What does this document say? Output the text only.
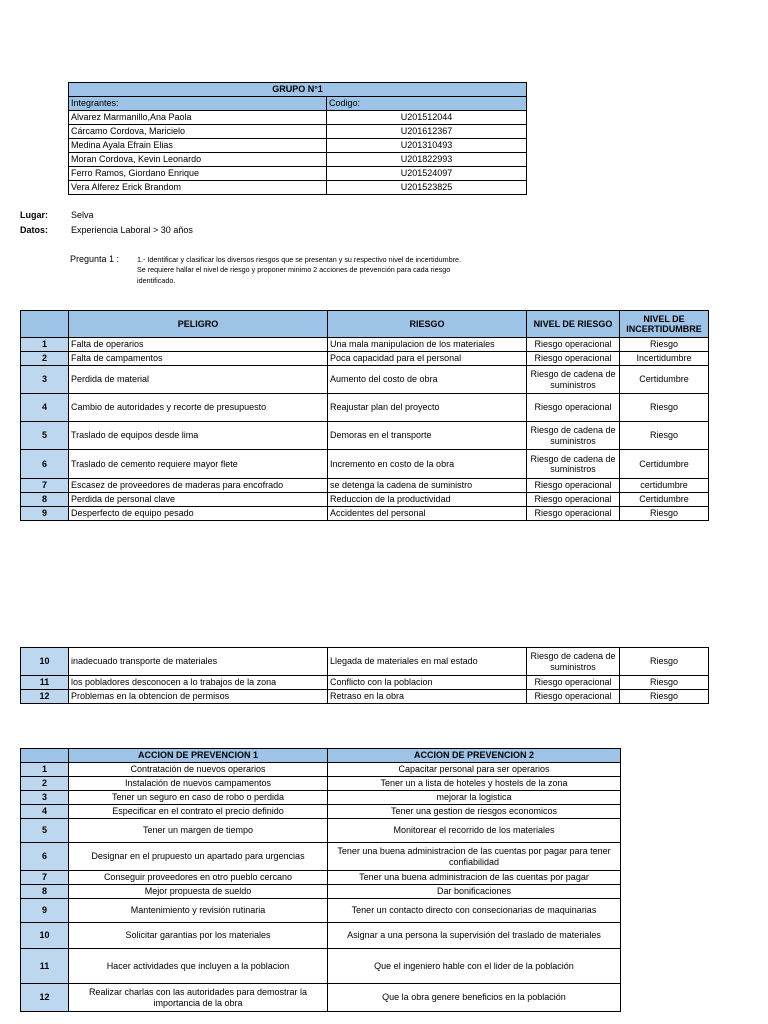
GRUPO N°1	
Integrantes:	Codigo:
Alvarez Marmanillo,Ana Paola	U201512044
Cárcamo Cordova, Maricielo	U201612367
Medina Ayala Efrain Elias	U201310493
Moran Cordova, Kevin Leonardo	U201822993
Ferro Ramos, Giordano Enrique	U201524097
Vera Alferez Erick Brandom	U201523825
Lugar:	Selva
Datos:	Experiencia Laboral > 30 años
Pregunta 1 : 1.- Identificar y clasificar los diversos riesgos que se presentan y su respectivo nivel de incertidumbre. Se requiere hallar el nivel de riesgo y proponer minimo 2 acciones de prevención para cada riesgo identificado.
	PELIGRO	RIESGO	NIVEL DE RIESGO	NIVEL DE INCERTIDUMBRE
1	Falta de operarios	Una mala manipulacion de los materiales	Riesgo operacional	Riesgo
2	Falta de campamentos	Poca capacidad para el personal	Riesgo operacional	Incertidumbre
3	Perdida de material	Aumento del costo de obra	Riesgo de cadena de suministros	Certidumbre
4	Cambio de autoridades y recorte de presupuesto	Reajustar plan del proyecto	Riesgo operacional	Riesgo
5	Traslado de equipos desde lima	Demoras en el transporte	Riesgo de cadena de suministros	Riesgo
6	Traslado de cemento requiere mayor flete	Incremento en costo de la obra	Riesgo de cadena de suministros	Certidumbre
7	Escasez de proveedores de maderas para encofrado	se detenga la cadena de suministro	Riesgo operacional	certidumbre
8	Perdida de personal clave	Reduccion de la productividad	Riesgo operacional	Certidumbre
9	Desperfecto de equipo pesado	Accidentes del personal	Riesgo operacional	Riesgo
10	inadecuado transporte de materiales	Llegada de materiales en mal estado	Riesgo de cadena de suministros	Riesgo
11	los pobladores desconocen a lo trabajos de la zona	Conflicto con la poblacion	Riesgo operacional	Riesgo
12	Problemas en la obtencion de permisos	Retraso en la obra	Riesgo operacional	Riesgo
	ACCION DE PREVENCION 1	ACCION DE PREVENCION 2
1	Contratación de nuevos operarios	Capacitar personal para ser operarios
2	Instalación de nuevos campamentos	Tener un a lista de hoteles y hostels de la zona
3	Tener un seguro en caso de robo o perdida	mejorar la logistica
4	Especificar en el contrato el precio definido	Tener una gestion de riesgos economicos
5	Tener un margen de tiempo	Monitorear el recorrido de los materiales
6	Designar en el prupuesto un apartado para urgencias	Tener una buena administracion de las cuentas por pagar para tener confiabilidad
7	Conseguir proveedores en otro pueblo cercano	Tener una buena administracion de las cuentas por pagar
8	Mejor propuesta de sueldo	Dar bonificaciones
9	Mantenimiento y revisión rutinaria	Tener un contacto directo con consecionarias de maquinarias
10	Solicitar garantias por los materiales	Asignar a una persona la supervisión del traslado de materiales
11	Hacer actividades que incluyen a la poblacion	Que el ingeniero hable con el lider de la población
12	Realizar charlas con las autoridades para demostrar la importancia de la obra	Que la obra genere beneficios en la población
